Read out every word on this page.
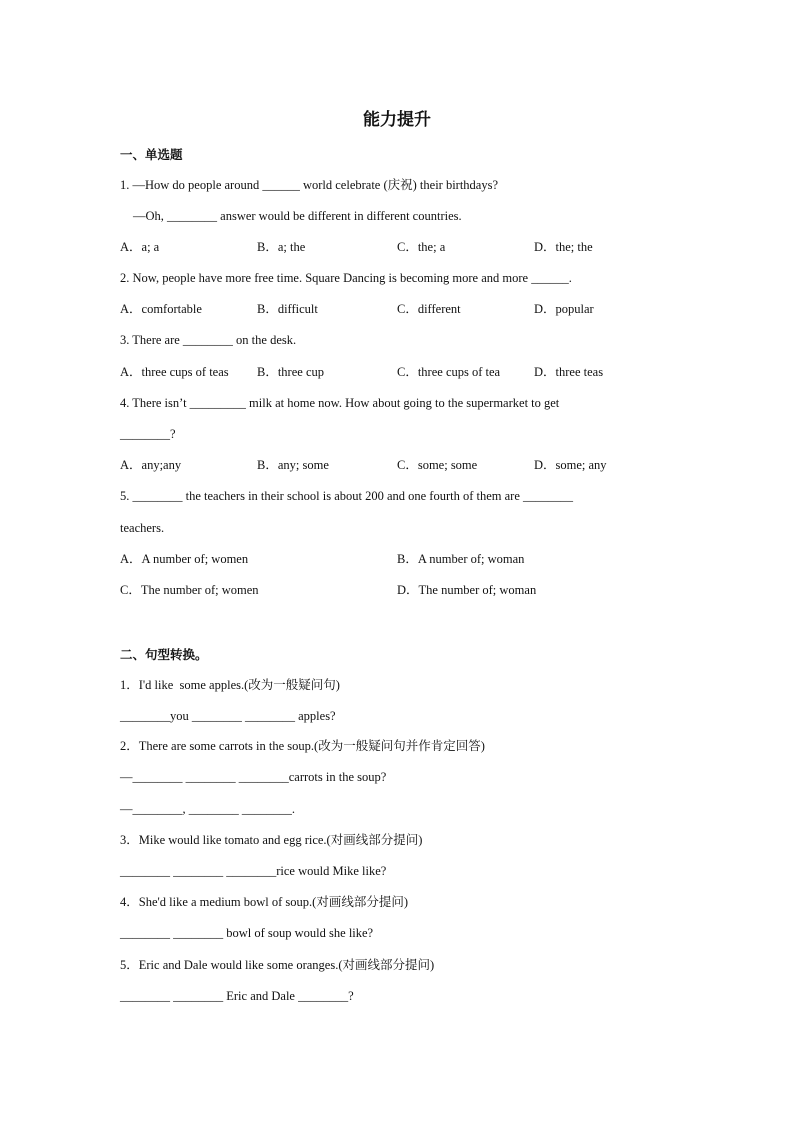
能力提升
一、单选题
1. —How do people around ______ world celebrate (庆祝) their birthdays?
—Oh, ________ answer would be different in different countries.
A．a; a	B．a; the	C．the; a	D．the; the
2. Now, people have more free time. Square Dancing is becoming more and more ______.
A．comfortable	B．difficult	C．different	D．popular
3. There are ________ on the desk.
A．three cups of teas B．three cup	C．three cups of tea	D．three teas
4. There isn’t _________ milk at home now. How about going to the supermarket to get
________?
A．any;any	B．any; some	C．some; some	D．some; any
5. ________ the teachers in their school is about 200 and one fourth of them are ________
teachers.
A．A number of; women	B．A number of; woman
C．The number of; women	D．The number of; woman
二、句型转换。
1．I'd like  some apples.(改为一般疑问句)
________you ________ ________ apples?
2．There are some carrots in the soup.(改为一般疑问句并作肯定回答)
—________ ________ ________carrots in the soup?
—________, ________ ________.
3．Mike would like tomato and egg rice.(对画线部分提问)
________ ________ ________rice would Mike like?
4．She'd like a medium bowl of soup.(对画线部分提问)
________ ________ bowl of soup would she like?
5．Eric and Dale would like some oranges.(对画线部分提问)
________ ________ Eric and Dale ________?
